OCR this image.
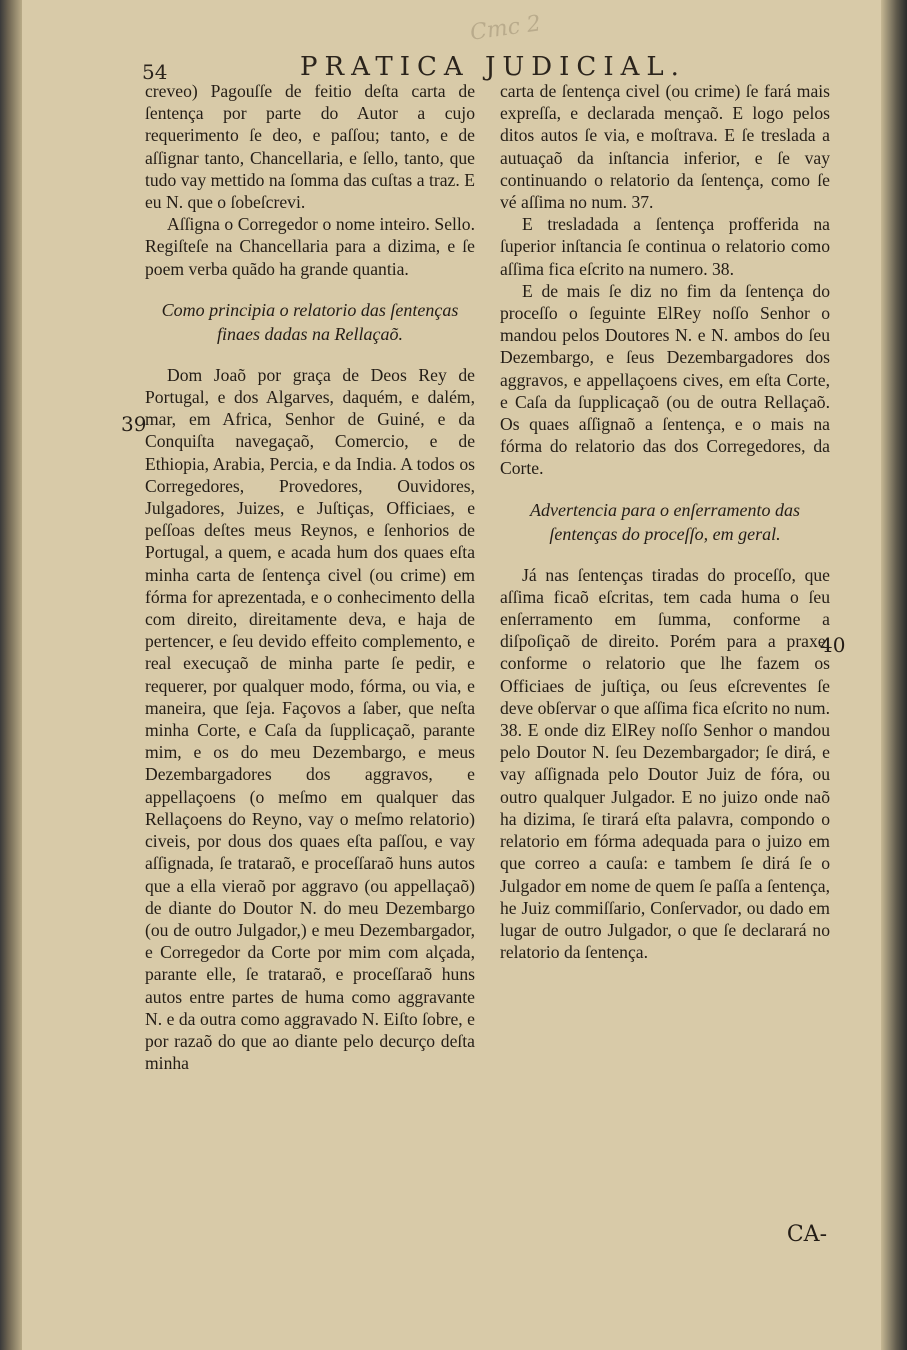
Cmc 2
54	PRATICA JUDICIAL.
39
40

creveo) Pagouſſe de feitio deſta carta de ſentença por parte do Autor a cujo requerimento ſe deo, e paſſou; tanto, e de aſſignar tanto, Chancellaria, e ſello, tanto, que tudo vay mettido na ſomma das cuſtas a traz. E eu N. que o ſobeſcrevi.

Aſſigna o Corregedor o nome inteiro. Sello. Regiſteſe na Chancellaria para a dizima, e ſe poem verba quãdo ha grande quantia.

Como principia o relatorio das ſentenças finaes dadas na Rellaçaõ.

Dom Joaõ por graça de Deos Rey de Portugal, e dos Algarves, daquém, e dalém, mar, em Africa, Senhor de Guiné, e da Conquiſta navegaçaõ, Comercio, e de Ethiopia, Arabia, Percia, e da India. A todos os Corregedores, Provedores, Ouvidores, Julgadores, Juizes, e Juſtiças, Officiaes, e peſſoas deſtes meus Reynos, e ſenhorios de Portugal, a quem, e acada hum dos quaes eſta minha carta de ſentença civel (ou crime) em fórma for aprezentada, e o conhecimento della com direito, direitamente deva, e haja de pertencer, e ſeu devido effeito complemento, e real execuçaõ de minha parte ſe pedir, e requerer, por qualquer modo, fórma, ou via, e maneira, que ſeja. Façovos a ſaber, que neſta minha Corte, e Caſa da ſupplicaçaõ, parante mim, e os do meu Dezembargo, e meus Dezembargadores dos aggravos, e appellaçoens (o meſmo em qualquer das Rellaçoens do Reyno, vay o meſmo relatorio) civeis, por dous dos quaes eſta paſſou, e vay aſſignada, ſe trataraõ, e proceſſaraõ huns autos que a ella vieraõ por aggravo (ou appellaçaõ) de diante do Doutor N. do meu Dezembargo (ou de outro Julgador,) e meu Dezembargador, e Corregedor da Corte por mim com alçada, parante elle, ſe trataraõ, e proceſſaraõ huns autos entre partes de huma como aggravante N. e da outra como aggravado N. Eiſto ſobre, e por razaõ do que ao diante pelo decurço deſta minha

carta de ſentença civel (ou crime) ſe fará mais expreſſa, e declarada mençaõ. E logo pelos ditos autos ſe via, e moſtrava. E ſe treslada a autuaçaõ da inſtancia inferior, e ſe vay continuando o relatorio da ſentença, como ſe vé aſſima no num. 37.

E tresladada a ſentença profferida na ſuperior inſtancia ſe continua o relatorio como aſſima fica eſcrito na numero. 38.

E de mais ſe diz no fim da ſentença do proceſſo o ſeguinte ElRey noſſo Senhor o mandou pelos Doutores N. e N. ambos do ſeu Dezembargo, e ſeus Dezembargadores dos aggravos, e appellaçoens cives, em eſta Corte, e Caſa da ſupplicaçaõ (ou de outra Rellaçaõ. Os quaes aſſignaõ a ſentença, e o mais na fórma do relatorio das dos Corregedores, da Corte.

Advertencia para o enſerramento das ſentenças do proceſſo, em geral.

Já nas ſentenças tiradas do proceſſo, que aſſima ficaõ eſcritas, tem cada huma o ſeu enſerramento em ſumma, conforme a diſpoſiçaõ de direito. Porém para a praxe, conforme o relatorio que lhe fazem os Officiaes de juſtiça, ou ſeus eſcreventes ſe deve obſervar o que aſſima fica eſcrito no num. 38. E onde diz ElRey noſſo Senhor o mandou pelo Doutor N. ſeu Dezembargador; ſe dirá, e vay aſſignada pelo Doutor Juiz de fóra, ou outro qualquer Julgador. E no juizo onde naõ ha dizima, ſe tirará eſta palavra, compondo o relatorio em fórma adequada para o juizo em que correo a cauſa: e tambem ſe dirá ſe o Julgador em nome de quem ſe paſſa a ſentença, he Juiz commiſſario, Conſervador, ou dado em lugar de outro Julgador, o que ſe declarará no relatorio da ſentença.

CA-
